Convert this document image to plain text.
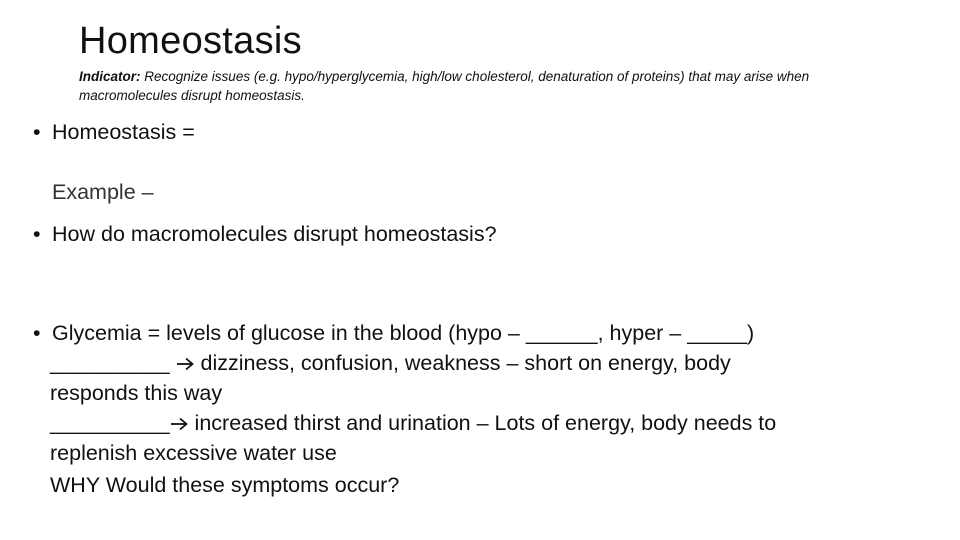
Homeostasis
Indicator: Recognize issues (e.g. hypo/hyperglycemia, high/low cholesterol, denaturation of proteins) that may arise when macromolecules disrupt homeostasis.
• Homeostasis =
Example –
• How do macromolecules disrupt homeostasis?
• Glycemia = levels of glucose in the blood (hypo – ______, hyper – _____)
__________
dizziness, confusion, weakness – short on energy, body
responds this way
__________
increased thirst and urination – Lots of energy, body needs to
replenish excessive water use
WHY Would these symptoms occur?
